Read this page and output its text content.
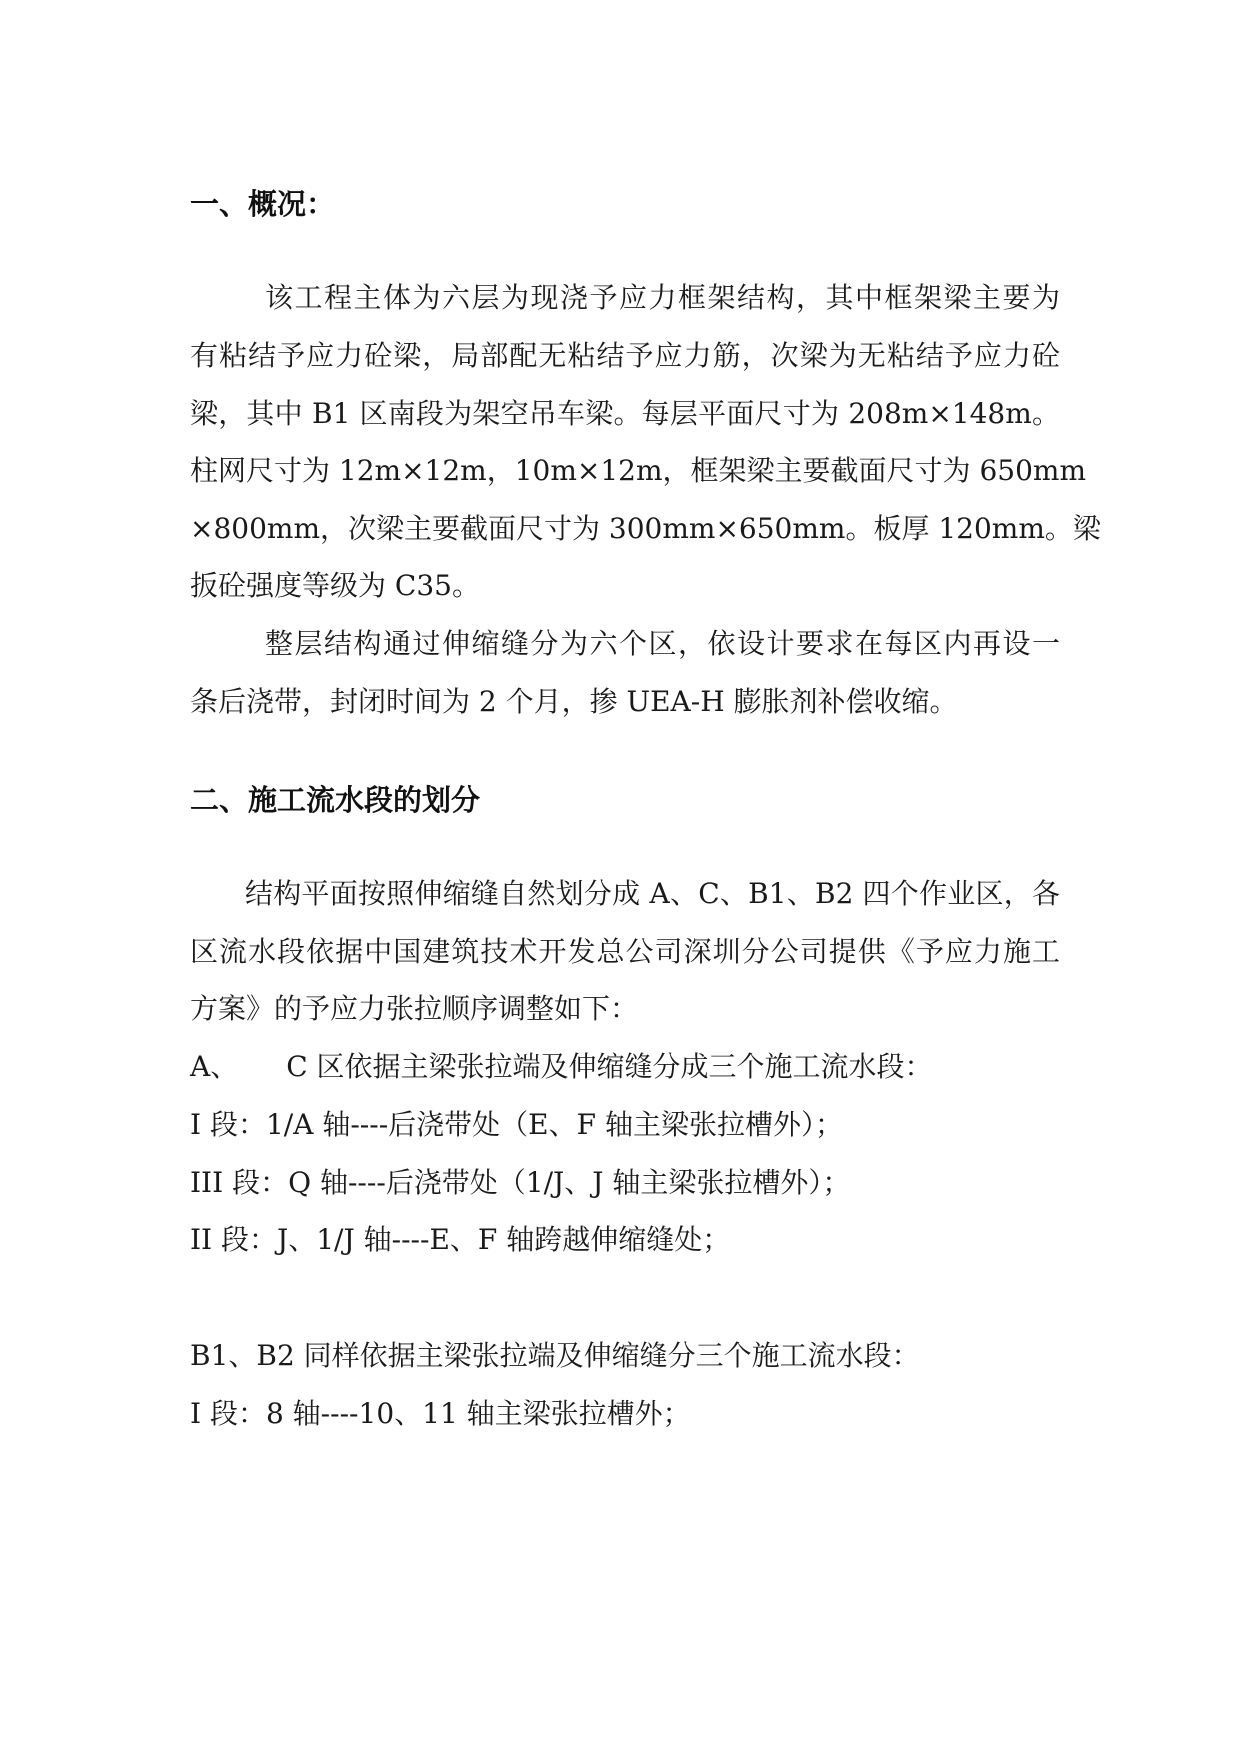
一、概况：
该工程主体为六层为现浇予应力框架结构，其中框架梁主要为
有粘结予应力砼梁，局部配无粘结予应力筋，次梁为无粘结予应力砼
梁，其中 B1 区南段为架空吊车梁。每层平面尺寸为 208m×148m。
柱网尺寸为 12m×12m，10m×12m，框架梁主要截面尺寸为 650mm
×800mm，次梁主要截面尺寸为 300mm×650mm。板厚 120mm。梁
扳砼强度等级为 C35。
整层结构通过伸缩缝分为六个区，依设计要求在每区内再设一
条后浇带，封闭时间为 2 个月，掺 UEA-H 膨胀剂补偿收缩。
二、施工流水段的划分
结构平面按照伸缩缝自然划分成 A、C、B1、B2 四个作业区，各
区流水段依据中国建筑技术开发总公司深圳分公司提供《予应力施工
方案》的予应力张拉顺序调整如下：
A、 C 区依据主梁张拉端及伸缩缝分成三个施工流水段：
I 段：1/A 轴----后浇带处（E、F 轴主梁张拉槽外）；
III 段：Q 轴----后浇带处（1/J、J 轴主梁张拉槽外）；
II 段：J、1/J 轴----E、F 轴跨越伸缩缝处；
B1、B2 同样依据主梁张拉端及伸缩缝分三个施工流水段：
I 段：8 轴----10、11 轴主梁张拉槽外；
